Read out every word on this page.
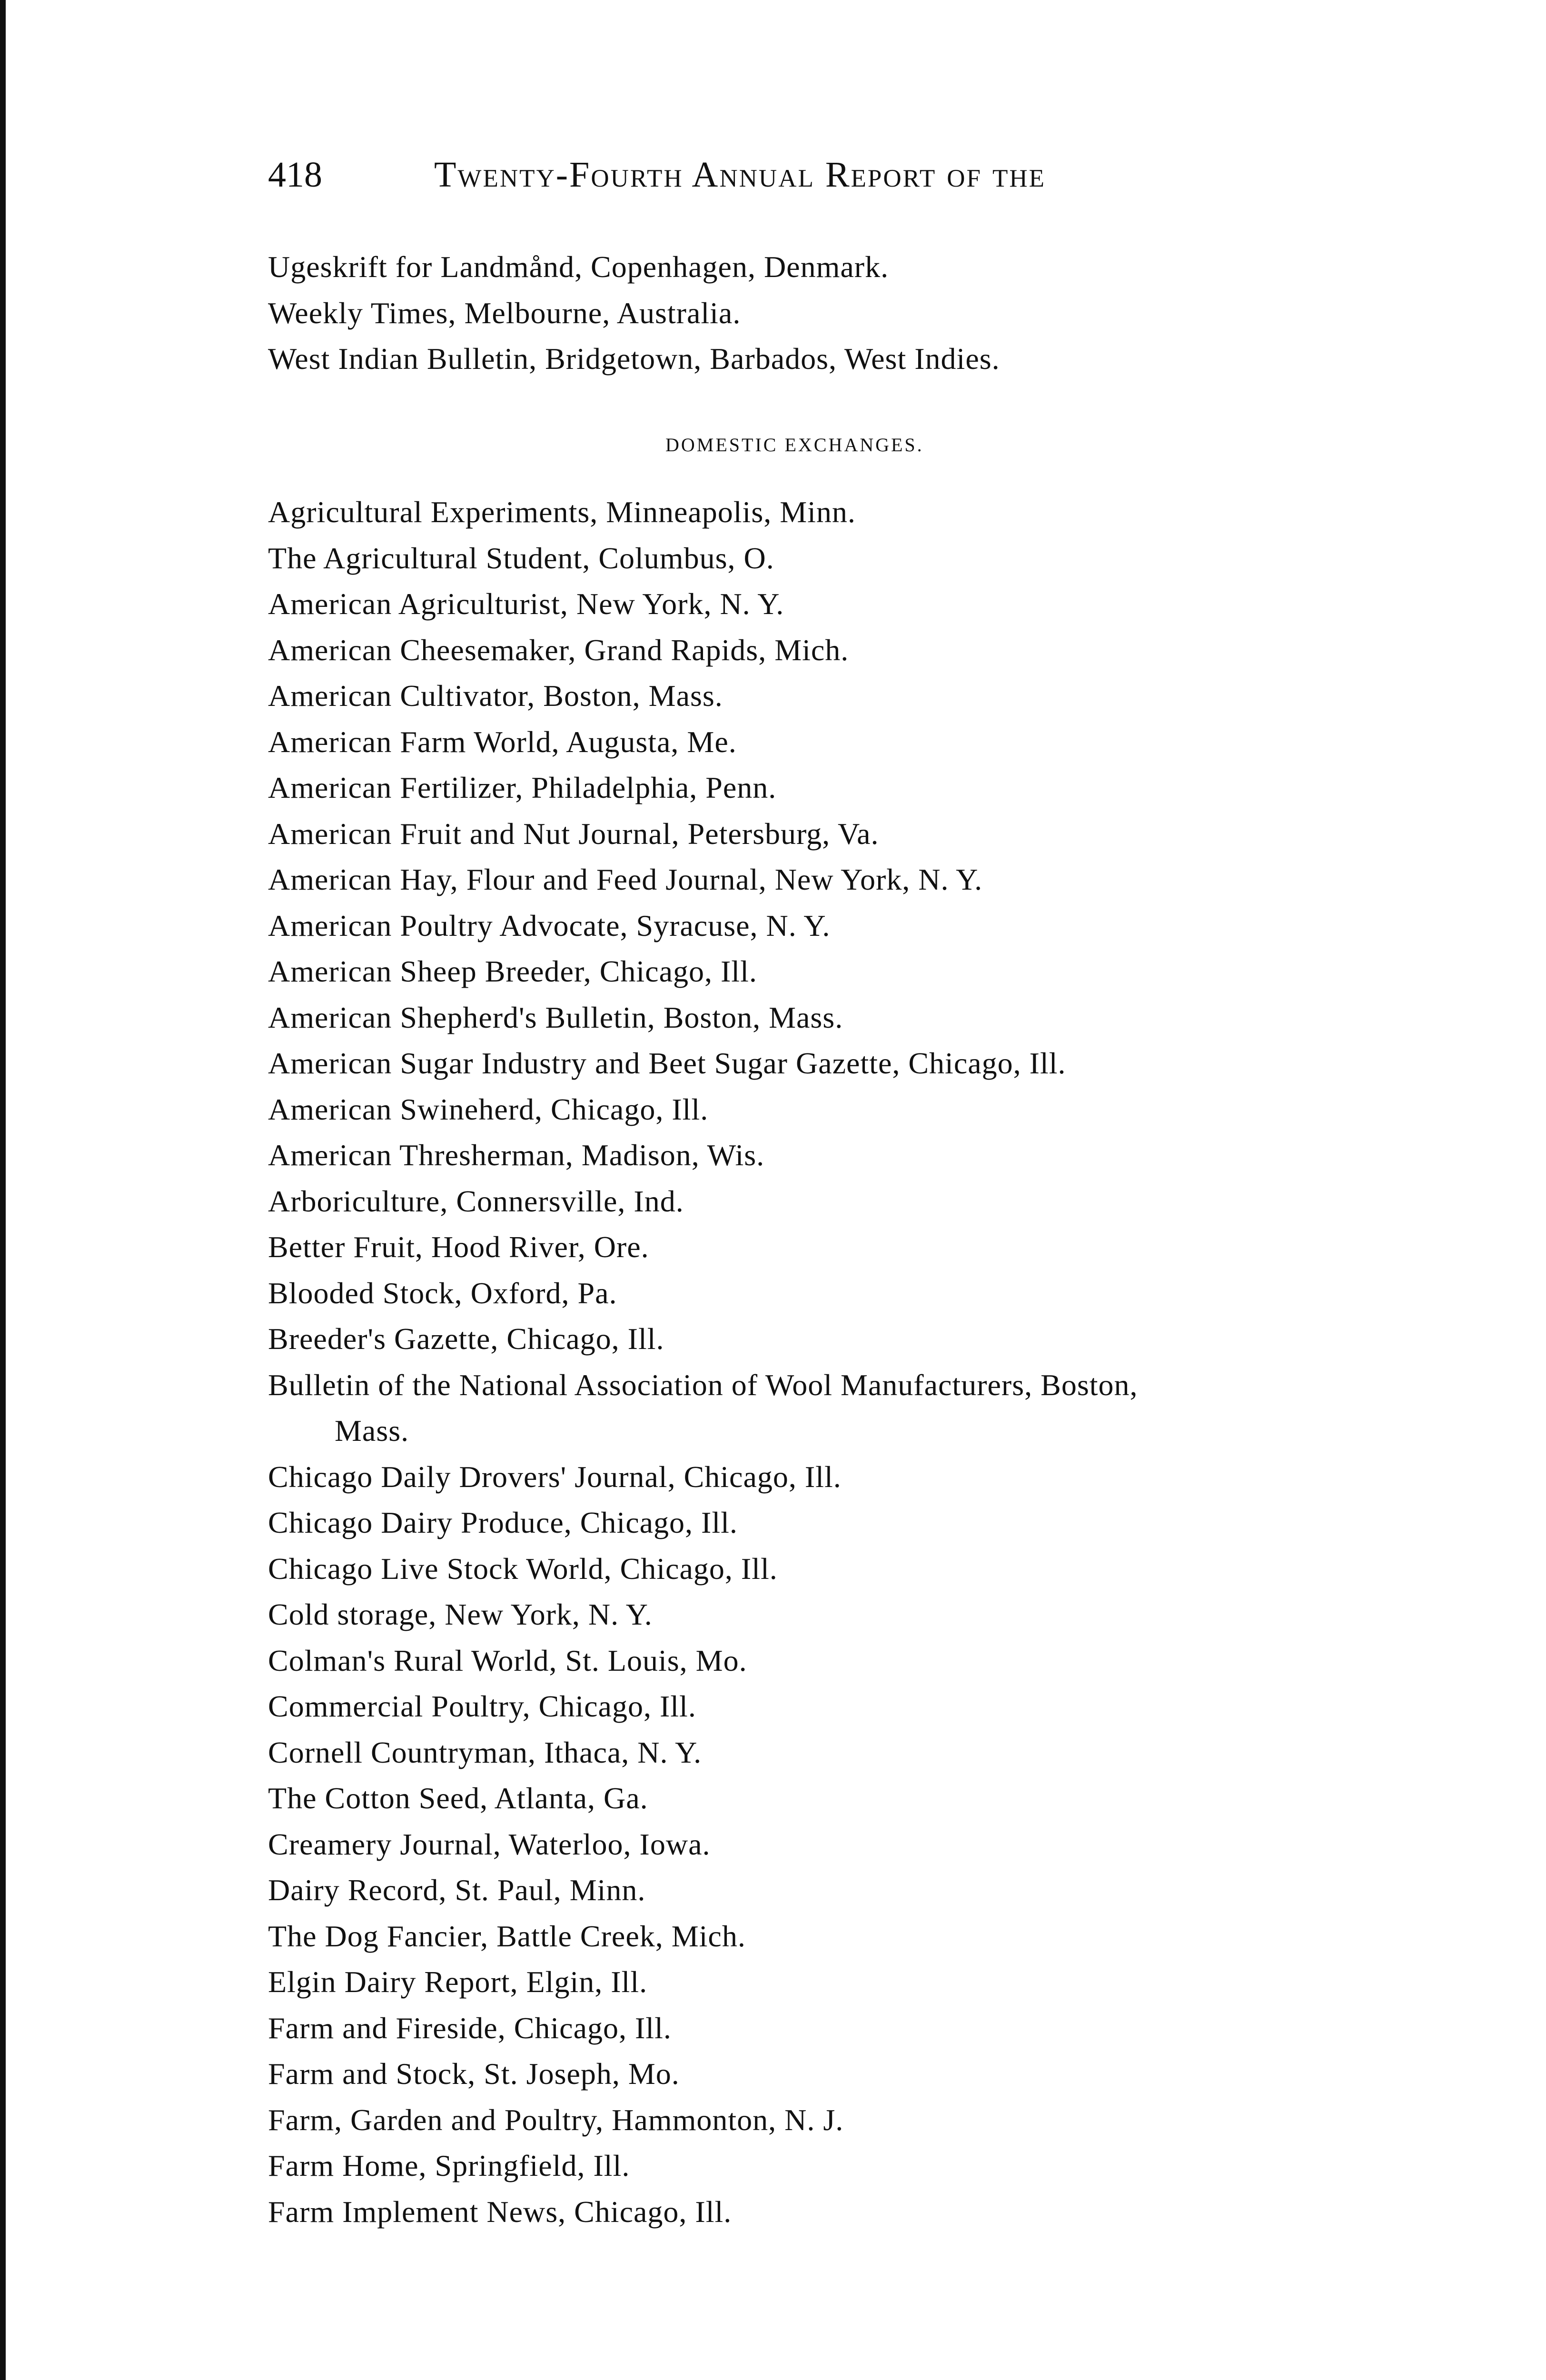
418	Twenty-Fourth Annual Report of the
Ugeskrift for Landmånd, Copenhagen, Denmark.
Weekly Times, Melbourne, Australia.
West Indian Bulletin, Bridgetown, Barbados, West Indies.
DOMESTIC EXCHANGES.
Agricultural Experiments, Minneapolis, Minn.
The Agricultural Student, Columbus, O.
American Agriculturist, New York, N. Y.
American Cheesemaker, Grand Rapids, Mich.
American Cultivator, Boston, Mass.
American Farm World, Augusta, Me.
American Fertilizer, Philadelphia, Penn.
American Fruit and Nut Journal, Petersburg, Va.
American Hay, Flour and Feed Journal, New York, N. Y.
American Poultry Advocate, Syracuse, N. Y.
American Sheep Breeder, Chicago, Ill.
American Shepherd's Bulletin, Boston, Mass.
American Sugar Industry and Beet Sugar Gazette, Chicago, Ill.
American Swineherd, Chicago, Ill.
American Thresherman, Madison, Wis.
Arboriculture, Connersville, Ind.
Better Fruit, Hood River, Ore.
Blooded Stock, Oxford, Pa.
Breeder's Gazette, Chicago, Ill.
Bulletin of the National Association of Wool Manufacturers, Boston,
Mass.
Chicago Daily Drovers' Journal, Chicago, Ill.
Chicago Dairy Produce, Chicago, Ill.
Chicago Live Stock World, Chicago, Ill.
Cold storage, New York, N. Y.
Colman's Rural World, St. Louis, Mo.
Commercial Poultry, Chicago, Ill.
Cornell Countryman, Ithaca, N. Y.
The Cotton Seed, Atlanta, Ga.
Creamery Journal, Waterloo, Iowa.
Dairy Record, St. Paul, Minn.
The Dog Fancier, Battle Creek, Mich.
Elgin Dairy Report, Elgin, Ill.
Farm and Fireside, Chicago, Ill.
Farm and Stock, St. Joseph, Mo.
Farm, Garden and Poultry, Hammonton, N. J.
Farm Home, Springfield, Ill.
Farm Implement News, Chicago, Ill.
